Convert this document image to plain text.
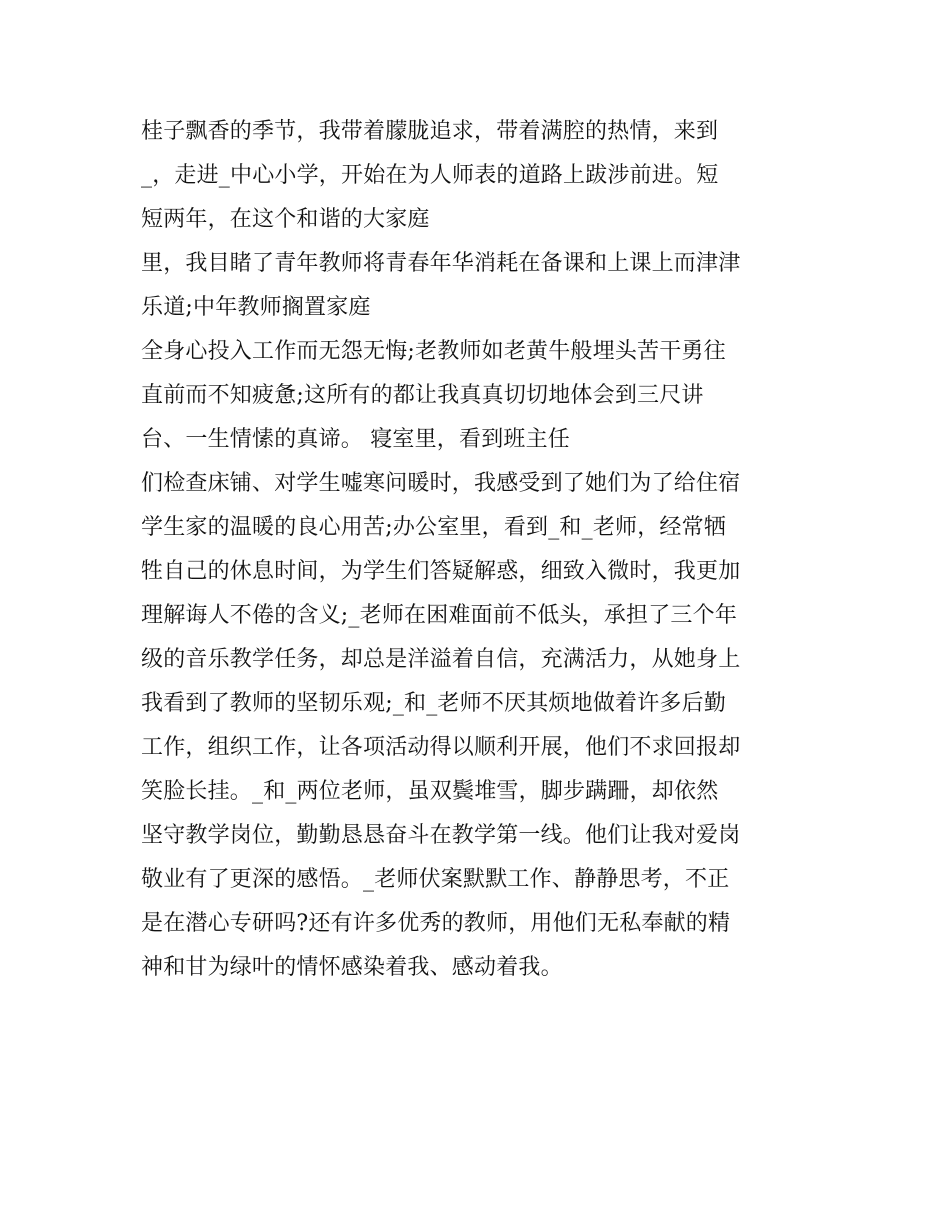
桂子飘香的季节，我带着朦胧追求，带着满腔的热情，来到
_，走进_中心小学，开始在为人师表的道路上跋涉前进。短
短两年，在这个和谐的大家庭
里，我目睹了青年教师将青春年华消耗在备课和上课上而津津
乐道;中年教师搁置家庭
全身心投入工作而无怨无悔;老教师如老黄牛般埋头苦干勇往
直前而不知疲惫;这所有的都让我真真切切地体会到三尺讲
台、一生情愫的真谛。 寝室里，看到班主任
们检查床铺、对学生嘘寒问暖时，我感受到了她们为了给住宿
学生家的温暖的良心用苦;办公室里，看到_和_老师，经常牺
牲自己的休息时间，为学生们答疑解惑，细致入微时，我更加
理解诲人不倦的含义;_老师在困难面前不低头，承担了三个年
级的音乐教学任务，却总是洋溢着自信，充满活力，从她身上
我看到了教师的坚韧乐观;_和_老师不厌其烦地做着许多后勤
工作，组织工作，让各项活动得以顺利开展，他们不求回报却
笑脸长挂。_和_两位老师，虽双鬓堆雪，脚步蹒跚，却依然
坚守教学岗位，勤勤恳恳奋斗在教学第一线。他们让我对爱岗
敬业有了更深的感悟。_老师伏案默默工作、静静思考，不正
是在潜心专研吗?还有许多优秀的教师，用他们无私奉献的精
神和甘为绿叶的情怀感染着我、感动着我。
